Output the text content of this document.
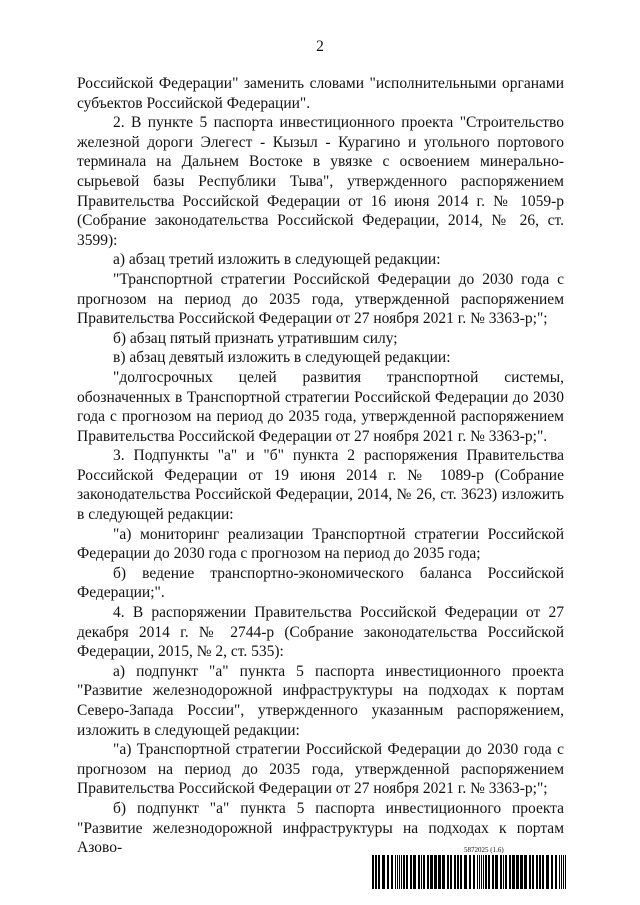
2

Российской Федерации" заменить словами "исполнительными органами субъектов Российской Федерации".

2. В пункте 5 паспорта инвестиционного проекта "Строительство железной дороги Элегест - Кызыл - Курагино и угольного портового терминала на Дальнем Востоке в увязке с освоением минерально-сырьевой базы Республики Тыва", утвержденного распоряжением Правительства Российской Федерации от 16 июня 2014 г. № 1059-р (Собрание законодательства Российской Федерации, 2014, № 26, ст. 3599):

а) абзац третий изложить в следующей редакции:

"Транспортной стратегии Российской Федерации до 2030 года с прогнозом на период до 2035 года, утвержденной распоряжением Правительства Российской Федерации от 27 ноября 2021 г. № 3363-р;";

б) абзац пятый признать утратившим силу;

в) абзац девятый изложить в следующей редакции:

"долгосрочных целей развития транспортной системы, обозначенных в Транспортной стратегии Российской Федерации до 2030 года с прогнозом на период до 2035 года, утвержденной распоряжением Правительства Российской Федерации от 27 ноября 2021 г. № 3363-р;".

3. Подпункты "а" и "б" пункта 2 распоряжения Правительства Российской Федерации от 19 июня 2014 г. № 1089-р (Собрание законодательства Российской Федерации, 2014, № 26, ст. 3623) изложить в следующей редакции:

"а) мониторинг реализации Транспортной стратегии Российской Федерации до 2030 года с прогнозом на период до 2035 года;

б) ведение транспортно-экономического баланса Российской Федерации;".

4. В распоряжении Правительства Российской Федерации от 27 декабря 2014 г. № 2744-р (Собрание законодательства Российской Федерации, 2015, № 2, ст. 535):

а) подпункт "а" пункта 5 паспорта инвестиционного проекта "Развитие железнодорожной инфраструктуры на подходах к портам Северо-Запада России", утвержденного указанным распоряжением, изложить в следующей редакции:

"а) Транспортной стратегии Российской Федерации до 2030 года с прогнозом на период до 2035 года, утвержденной распоряжением Правительства Российской Федерации от 27 ноября 2021 г. № 3363-р;";

б) подпункт "а" пункта 5 паспорта инвестиционного проекта "Развитие железнодорожной инфраструктуры на подходах к портам Азово-	5872025 (1.6)
